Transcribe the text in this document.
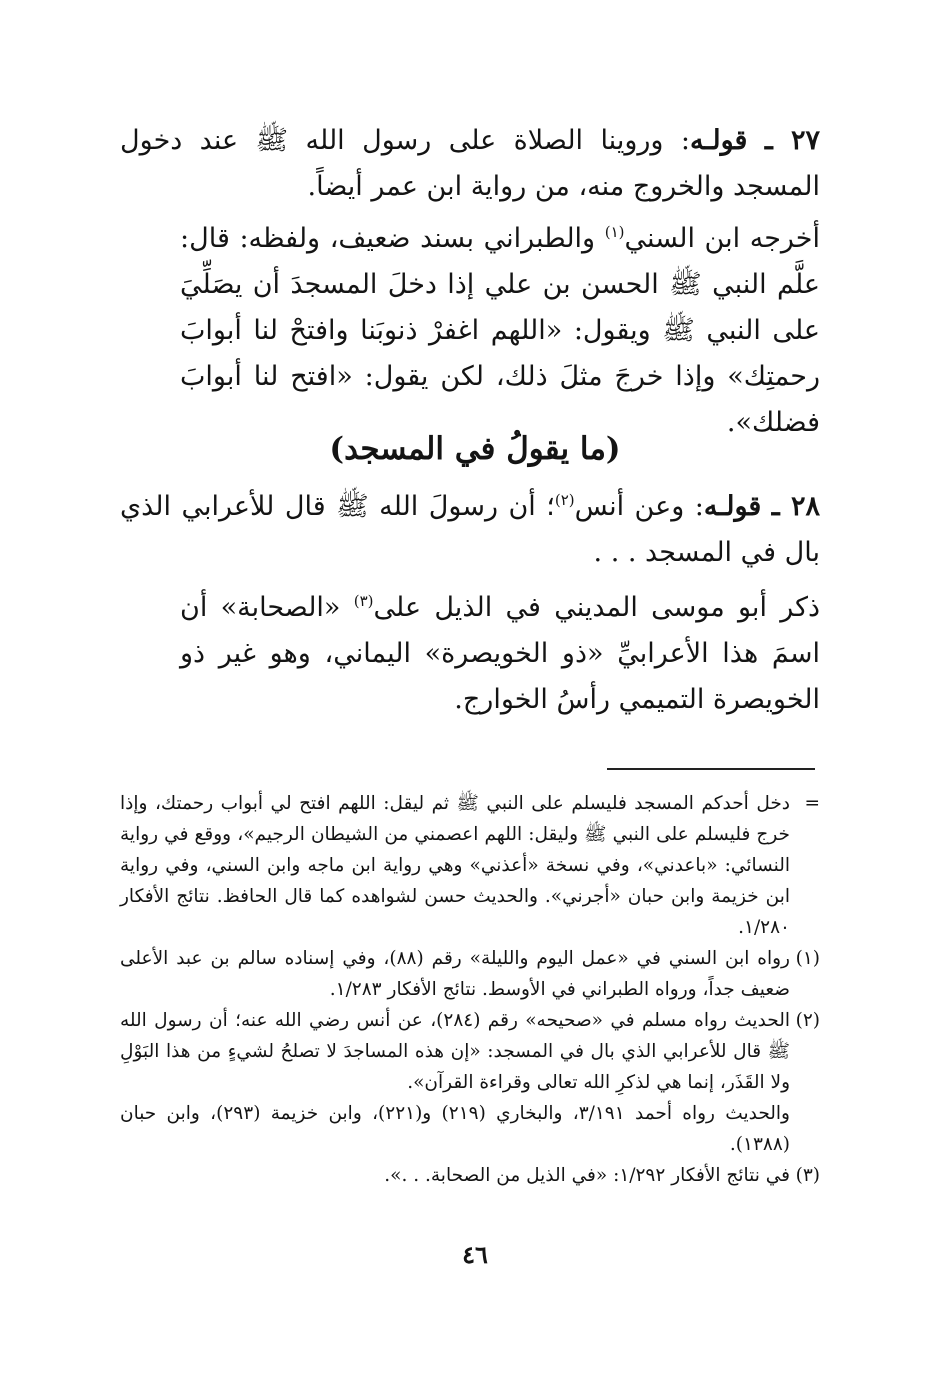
٢٧ ـ قولـه: وروينا الصلاة على رسول الله ﷺ عند دخول المسجد والخروج منه، من رواية ابن عمر أيضاً.
أخرجه ابن السني$^{(١)}$ والطبراني بسند ضعيف، ولفظه: قال: علَّم النبي ﷺ الحسن بن علي إذا دخلَ المسجدَ أن يصَلِّيَ على النبي ﷺ ويقول: «اللهم اغفرْ ذنوبَنا وافتحْ لنا أبوابَ رحمتِك» وإذا خرجَ مثلَ ذلك، لكن يقول: «افتح لنا أبوابَ فضلك».
(ما يقولُ في المسجد)
٢٨ ـ قولـه: وعن أنس$^{(٢)}$؛ أن رسولَ الله ﷺ قال للأعرابي الذي بال في المسجد . . .
ذكر أبو موسى المديني في الذيل على$^{(٣)}$ «الصحابة» أن اسمَ هذا الأعرابيِّ «ذو الخويصرة» اليماني، وهو غير ذو الخويصرة التميمي رأسُ الخوارج.

=دخل أحدكم المسجد فليسلم على النبي ﷺ ثم ليقل: اللهم افتح لي أبواب رحمتك، وإذا خرج فليسلم على النبي ﷺ وليقل: اللهم اعصمني من الشيطان الرجيم»، ووقع في رواية النسائي: «باعدني»، وفي نسخة «أعذني» وهي رواية ابن ماجه وابن السني، وفي رواية ابن خزيمة وابن حبان «أجرني». والحديث حسن لشواهده كما قال الحافظ. نتائج الأفكار ١/٢٨٠.

(١)رواه ابن السني في «عمل اليوم والليلة» رقم (٨٨)، وفي إسناده سالم بن عبد الأعلى ضعيف جداً، ورواه الطبراني في الأوسط. نتائج الأفكار ١/٢٨٣.

(٢)الحديث رواه مسلم في «صحيحه» رقم (٢٨٤)، عن أنس رضي الله عنه؛ أن رسول الله ﷺ قال للأعرابي الذي بال في المسجد: «إن هذه المساجدَ لا تصلحُ لشيءٍ من هذا البَوْلِ ولا القَذَر، إنما هي لذكرِ الله تعالى وقراءة القرآن».

والحديث رواه أحمد ٣/١٩١، والبخاري (٢١٩) و(٢٢١)، وابن خزيمة (٢٩٣)، وابن حبان (١٣٨٨).

(٣)في نتائج الأفكار ١/٢٩٢: «في الذيل من الصحابة. . .».

٤٦
